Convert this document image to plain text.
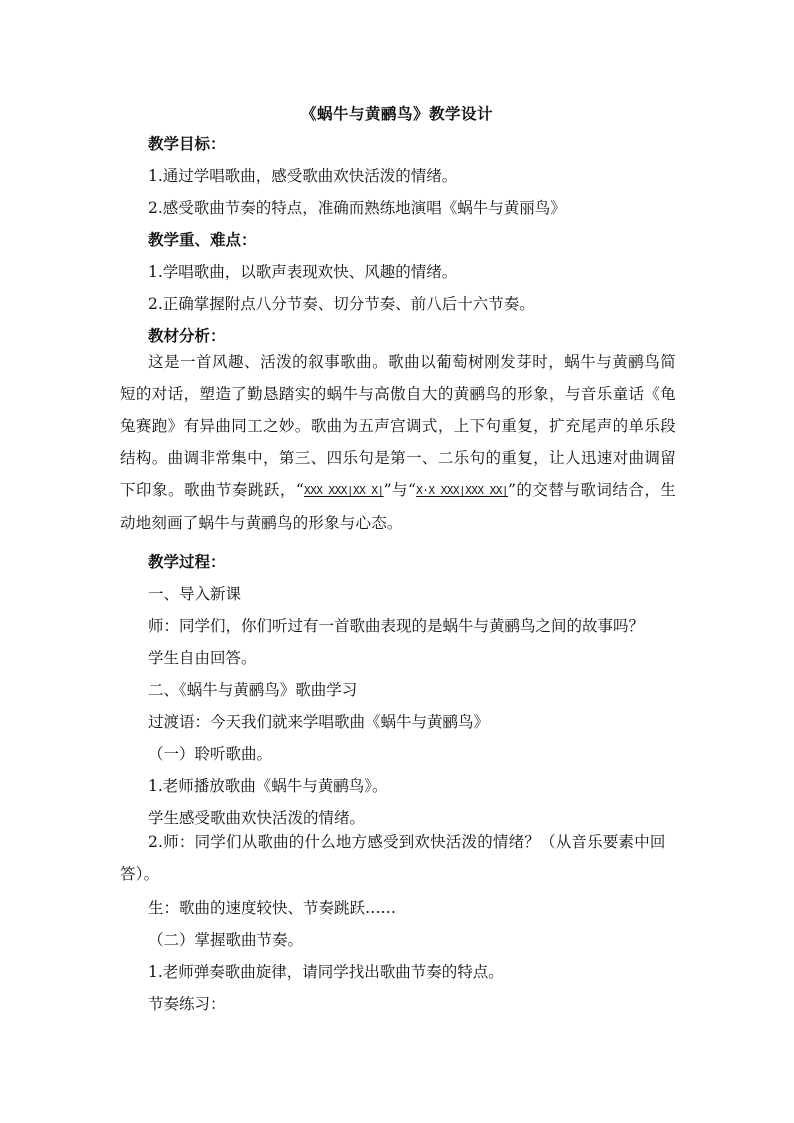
《蜗牛与黄鹂鸟》教学设计
教学目标：
1.通过学唱歌曲，感受歌曲欢快活泼的情绪。
2.感受歌曲节奏的特点，准确而熟练地演唱《蜗牛与黄丽鸟》
教学重、难点：
1.学唱歌曲，以歌声表现欢快、风趣的情绪。
2.正确掌握附点八分节奏、切分节奏、前八后十六节奏。
教材分析：
这是一首风趣、活泼的叙事歌曲。歌曲以葡萄树刚发芽时，蜗牛与黄鹂鸟简短的对话，塑造了勤恳踏实的蜗牛与高傲自大的黄鹂鸟的形象，与音乐童话《龟兔赛跑》有异曲同工之妙。歌曲为五声宫调式，上下句重复，扩充尾声的单乐段结构。曲调非常集中，第三、四乐句是第一、二乐句的重复，让人迅速对曲调留下印象。歌曲节奏跳跃，“XXX XXX|XX X|”与“X·X XXX|XXX XX|”的交替与歌词结合，生动地刻画了蜗牛与黄鹂鸟的形象与心态。
教学过程：
一、导入新课
师：同学们，你们听过有一首歌曲表现的是蜗牛与黄鹂鸟之间的故事吗？
学生自由回答。
二、《蜗牛与黄鹂鸟》歌曲学习
过渡语：今天我们就来学唱歌曲《蜗牛与黄鹂鸟》
（一）聆听歌曲。
1.老师播放歌曲《蜗牛与黄鹂鸟》。
学生感受歌曲欢快活泼的情绪。
2.师：同学们从歌曲的什么地方感受到欢快活泼的情绪？（从音乐要素中回答）。
生：歌曲的速度较快、节奏跳跃……
（二）掌握歌曲节奏。
1.老师弹奏歌曲旋律，请同学找出歌曲节奏的特点。
节奏练习：
